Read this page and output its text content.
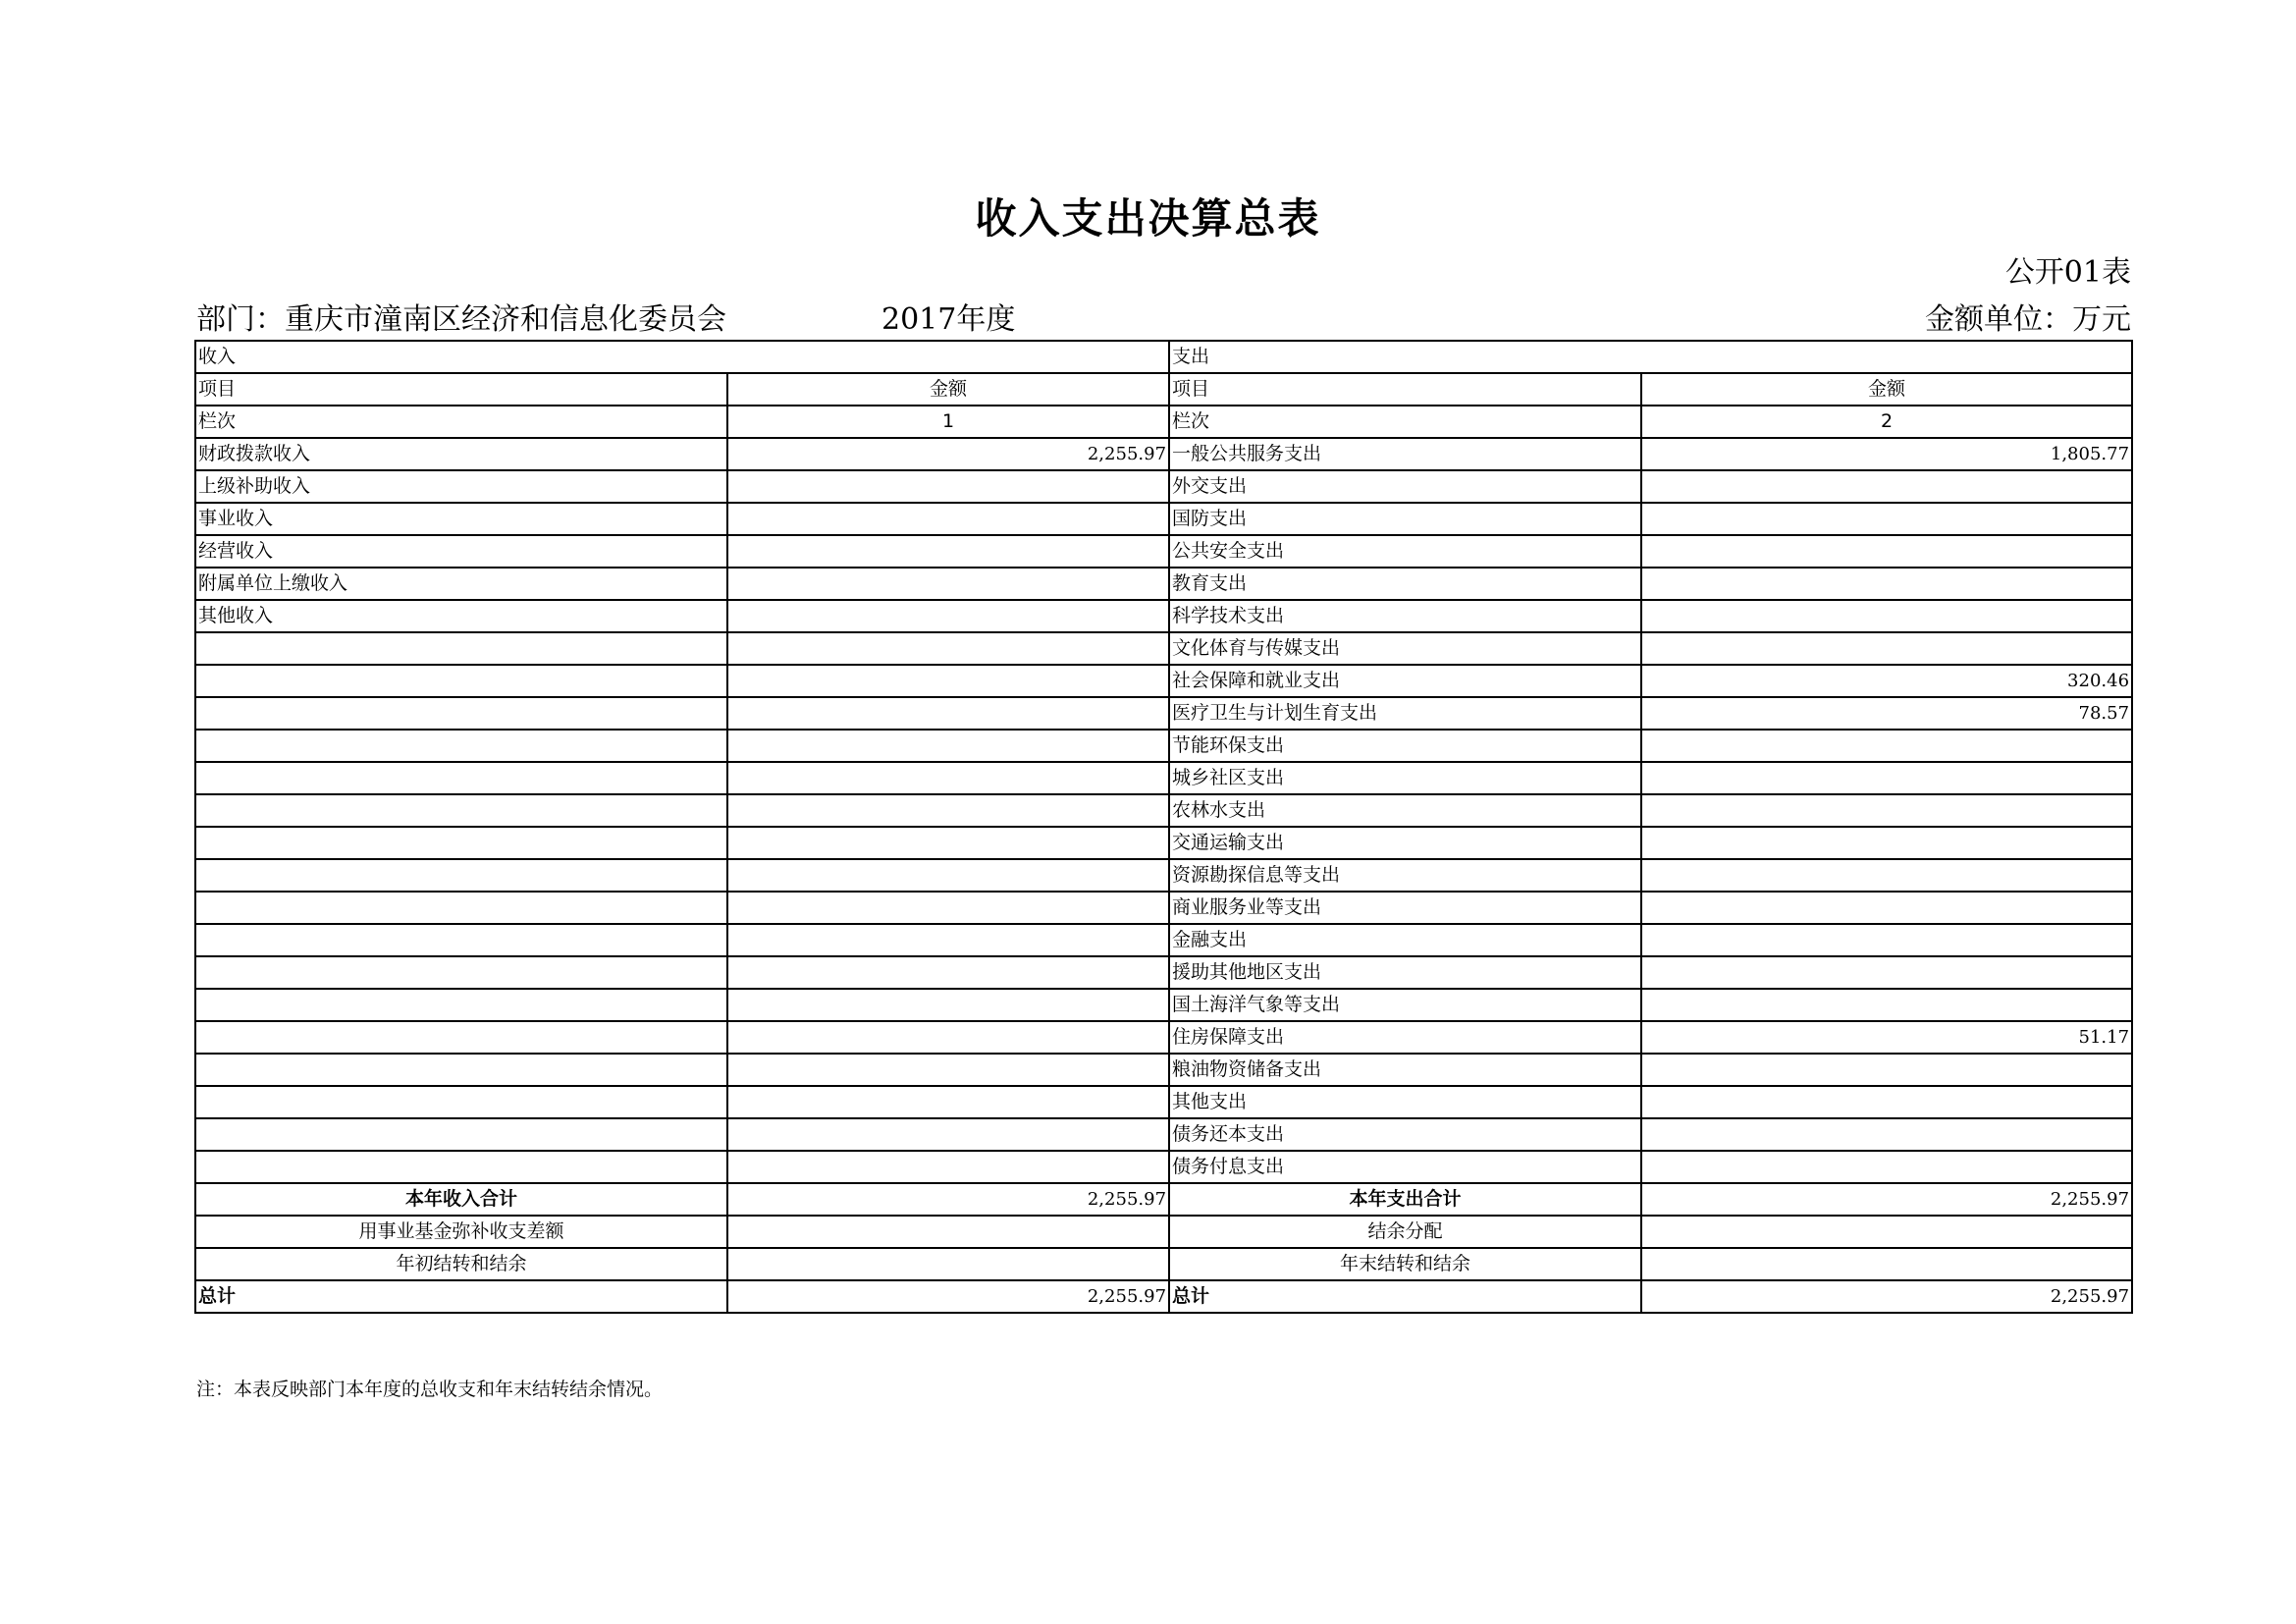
收入支出决算总表
公开01表
部门：重庆市潼南区经济和信息化委员会	2017年度	金额单位：万元
收入		支出	
项目	金额	项目	金额
栏次	1	栏次	2
财政拨款收入	2,255.97	一般公共服务支出	1,805.77
上级补助收入		外交支出	
事业收入		国防支出	
经营收入		公共安全支出	
附属单位上缴收入		教育支出	
其他收入		科学技术支出	
		文化体育与传媒支出	
		社会保障和就业支出	320.46
		医疗卫生与计划生育支出	78.57
		节能环保支出	
		城乡社区支出	
		农林水支出	
		交通运输支出	
		资源勘探信息等支出	
		商业服务业等支出	
		金融支出	
		援助其他地区支出	
		国土海洋气象等支出	
		住房保障支出	51.17
		粮油物资储备支出	
		其他支出	
		债务还本支出	
		债务付息支出	
本年收入合计	2,255.97	本年支出合计	2,255.97
用事业基金弥补收支差额		结余分配	
年初结转和结余		年末结转和结余	
总计	2,255.97	总计	2,255.97
注：本表反映部门本年度的总收支和年末结转结余情况。
